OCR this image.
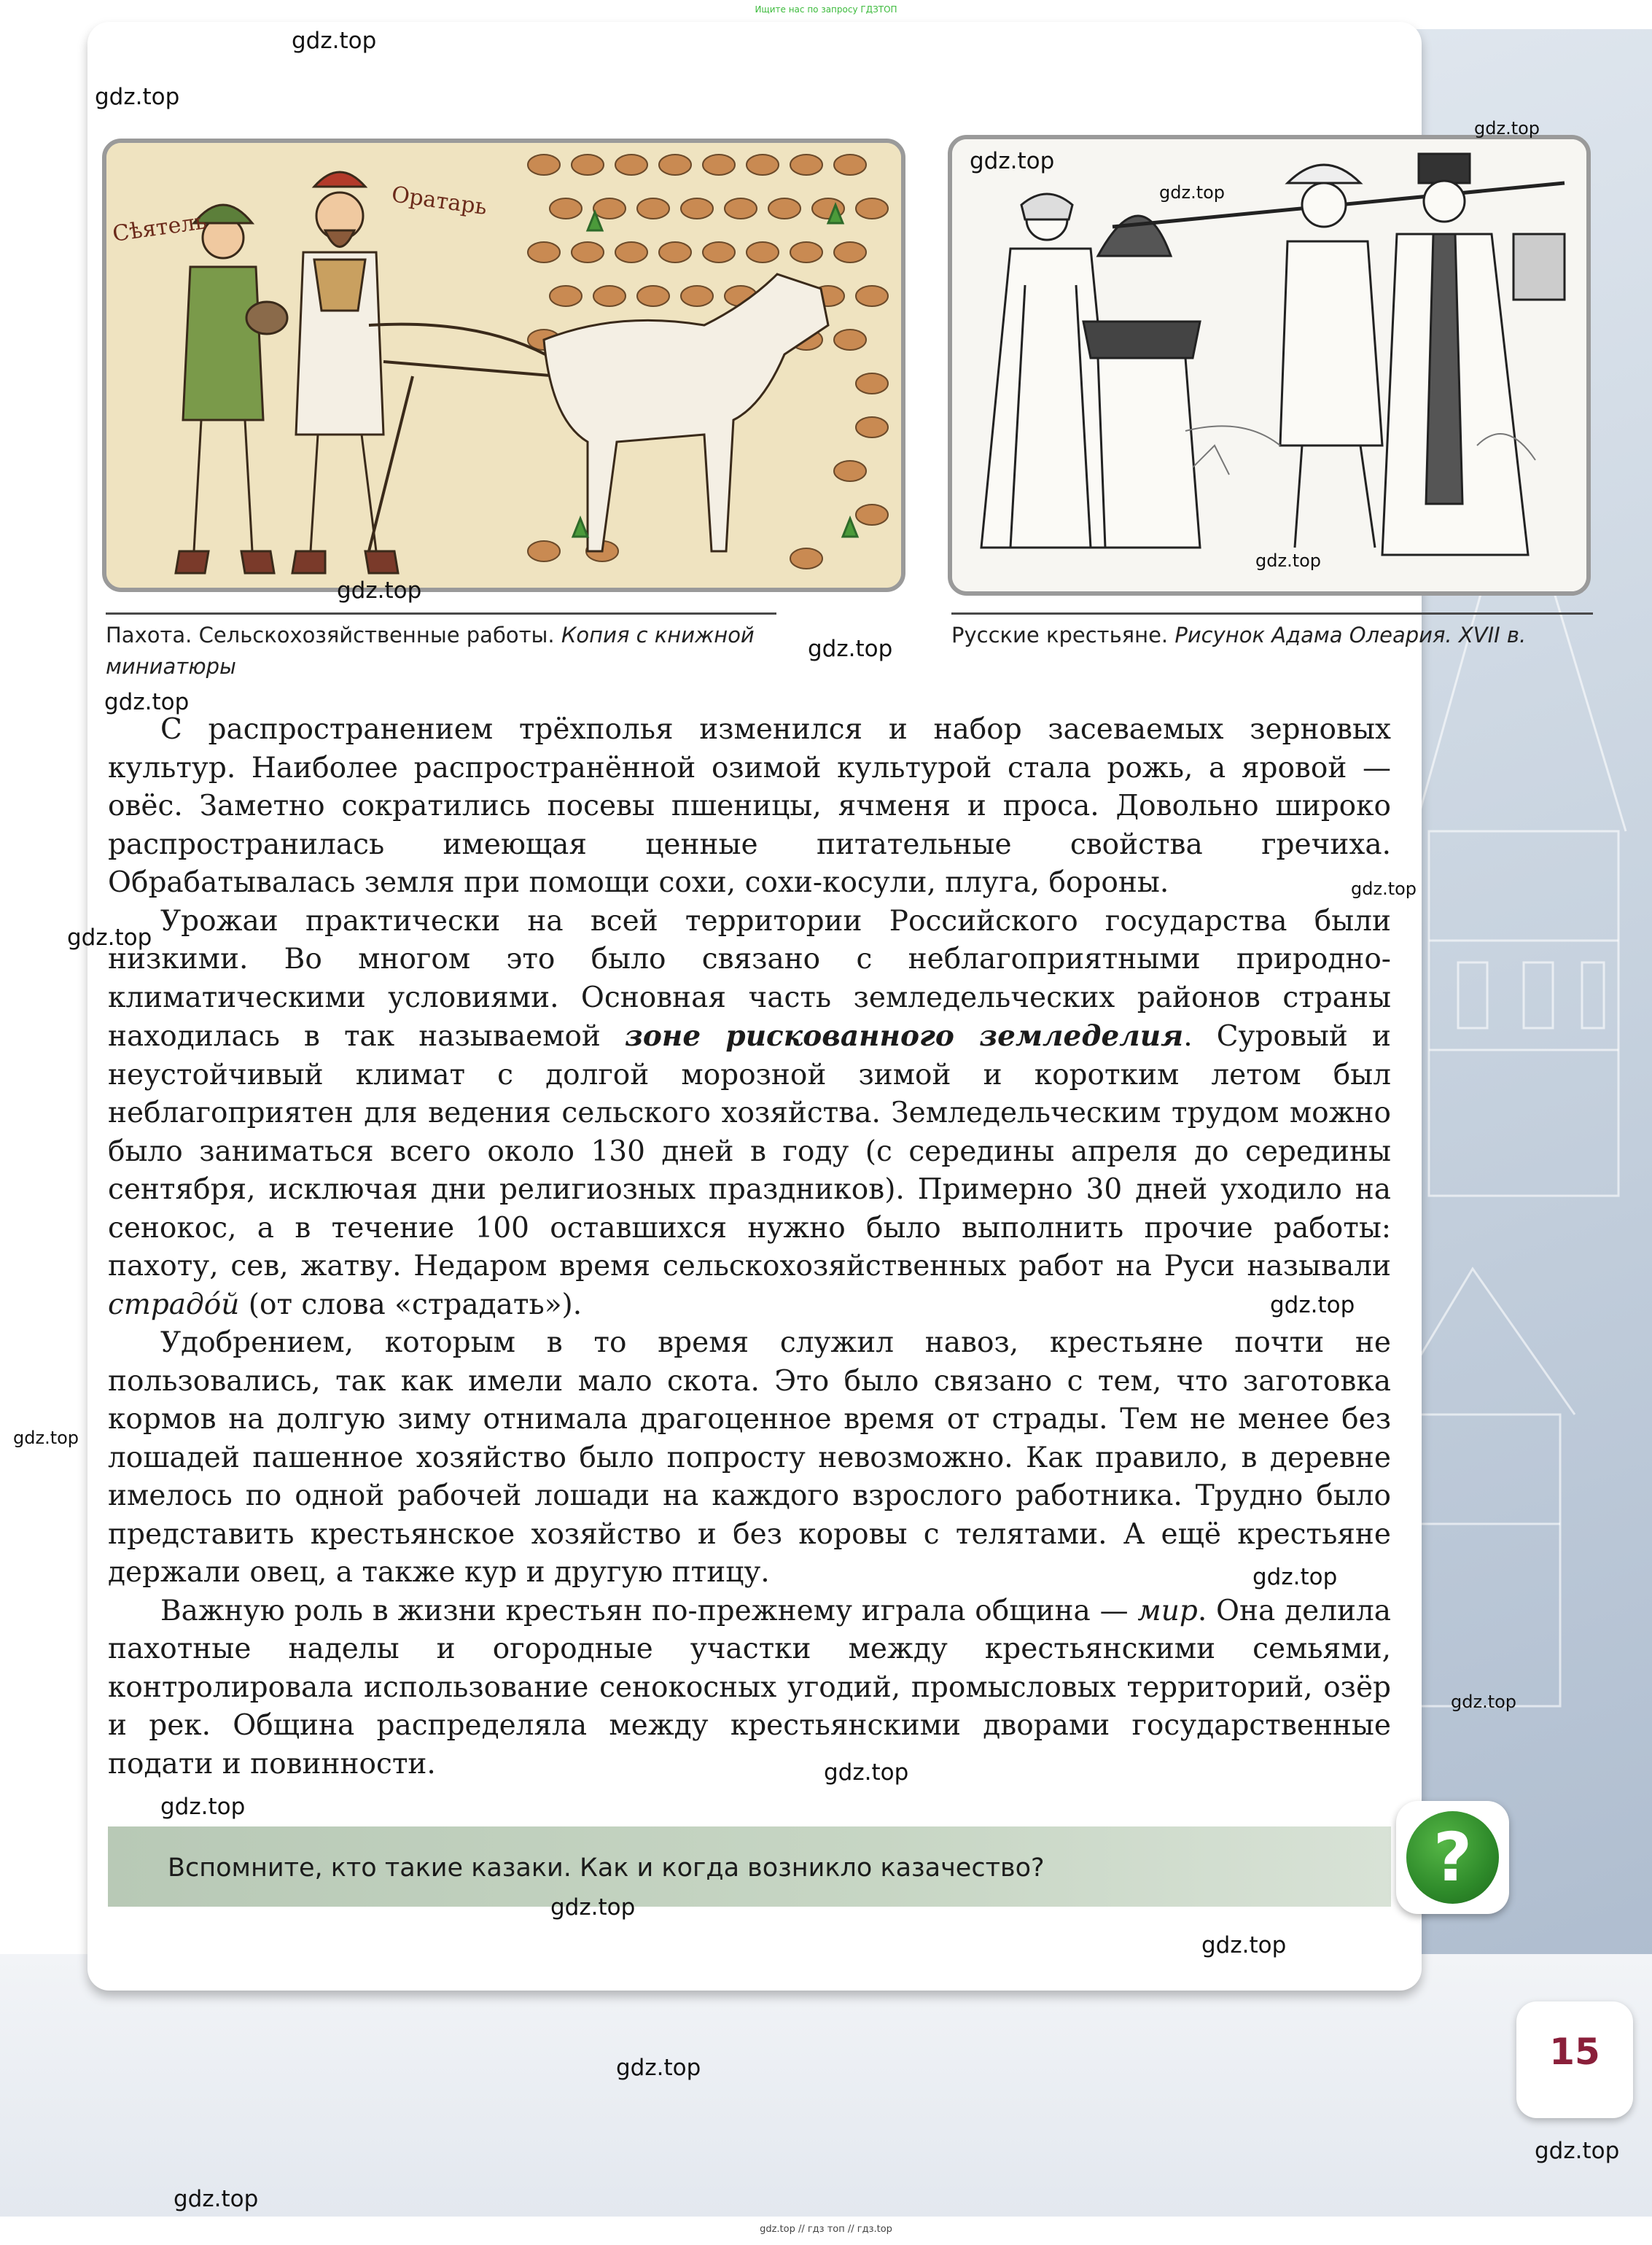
Ищите нас по запросу ГДЗТОП
Сѣятель
Оратарь
Пахота. Сельскохозяйственные работы. Копия с книжной миниатюры
Русские крестьяне. Рисунок Адама Олеария. XVII в.

С распространением трёхполья изменился и набор засеваемых зерновых культур. Наиболее распространённой озимой культурой стала рожь, а яровой — овёс. Заметно сократились посевы пшеницы, ячменя и проса. Довольно широко распространилась имеющая ценные питательные свойства гречиха. Обрабатывалась земля при помощи сохи, сохи-косули, плуга, бороны.

Урожаи практически на всей территории Российского государства были низкими. Во многом это было связано с неблагоприятными природно-климатическими условиями. Основная часть земледельческих районов страны находилась в так называемой зоне рискованного земледелия. Суровый и неустойчивый климат с долгой морозной зимой и коротким летом был неблагоприятен для ведения сельского хозяйства. Земледельческим трудом можно было заниматься всего около 130 дней в году (с середины апреля до середины сентября, исключая дни религиозных праздников). Примерно 30 дней уходило на сенокос, а в течение 100 оставшихся нужно было выполнить прочие работы: пахоту, сев, жатву. Недаром время сельскохозяйственных работ на Руси называли страдóй (от слова «страдать»).

Удобрением, которым в то время служил навоз, крестьяне почти не пользовались, так как имели мало скота. Это было связано с тем, что заготовка кормов на долгую зиму отнимала драгоценное время от страды. Тем не менее без лошадей пашенное хозяйство было попросту невозможно. Как правило, в деревне имелось по одной рабочей лошади на каждого взрослого работника. Трудно было представить крестьянское хозяйство и без коровы с телятами. А ещё крестьяне держали овец, а также кур и другую птицу.

Важную роль в жизни крестьян по-прежнему играла община — мир. Она делила пахотные наделы и огородные участки между крестьянскими семьями, контролировала использование сенокосных угодий, промысловых территорий, озёр и рек. Община распределяла между крестьянскими дворами государственные подати и повинности.

Вспомните, кто такие казаки. Как и когда возникло казачество?	?
15
gdz.top
gdz.top
gdz.top
gdz.top
gdz.top
gdz.top
gdz.top
gdz.top
gdz.top
gdz.top
gdz.top
gdz.top
gdz.top
gdz.top
gdz.top
gdz.top
gdz.top
gdz.top
gdz.top
gdz.top
gdz.top
gdz.top
gdz.top // гдз топ // гдз.top
